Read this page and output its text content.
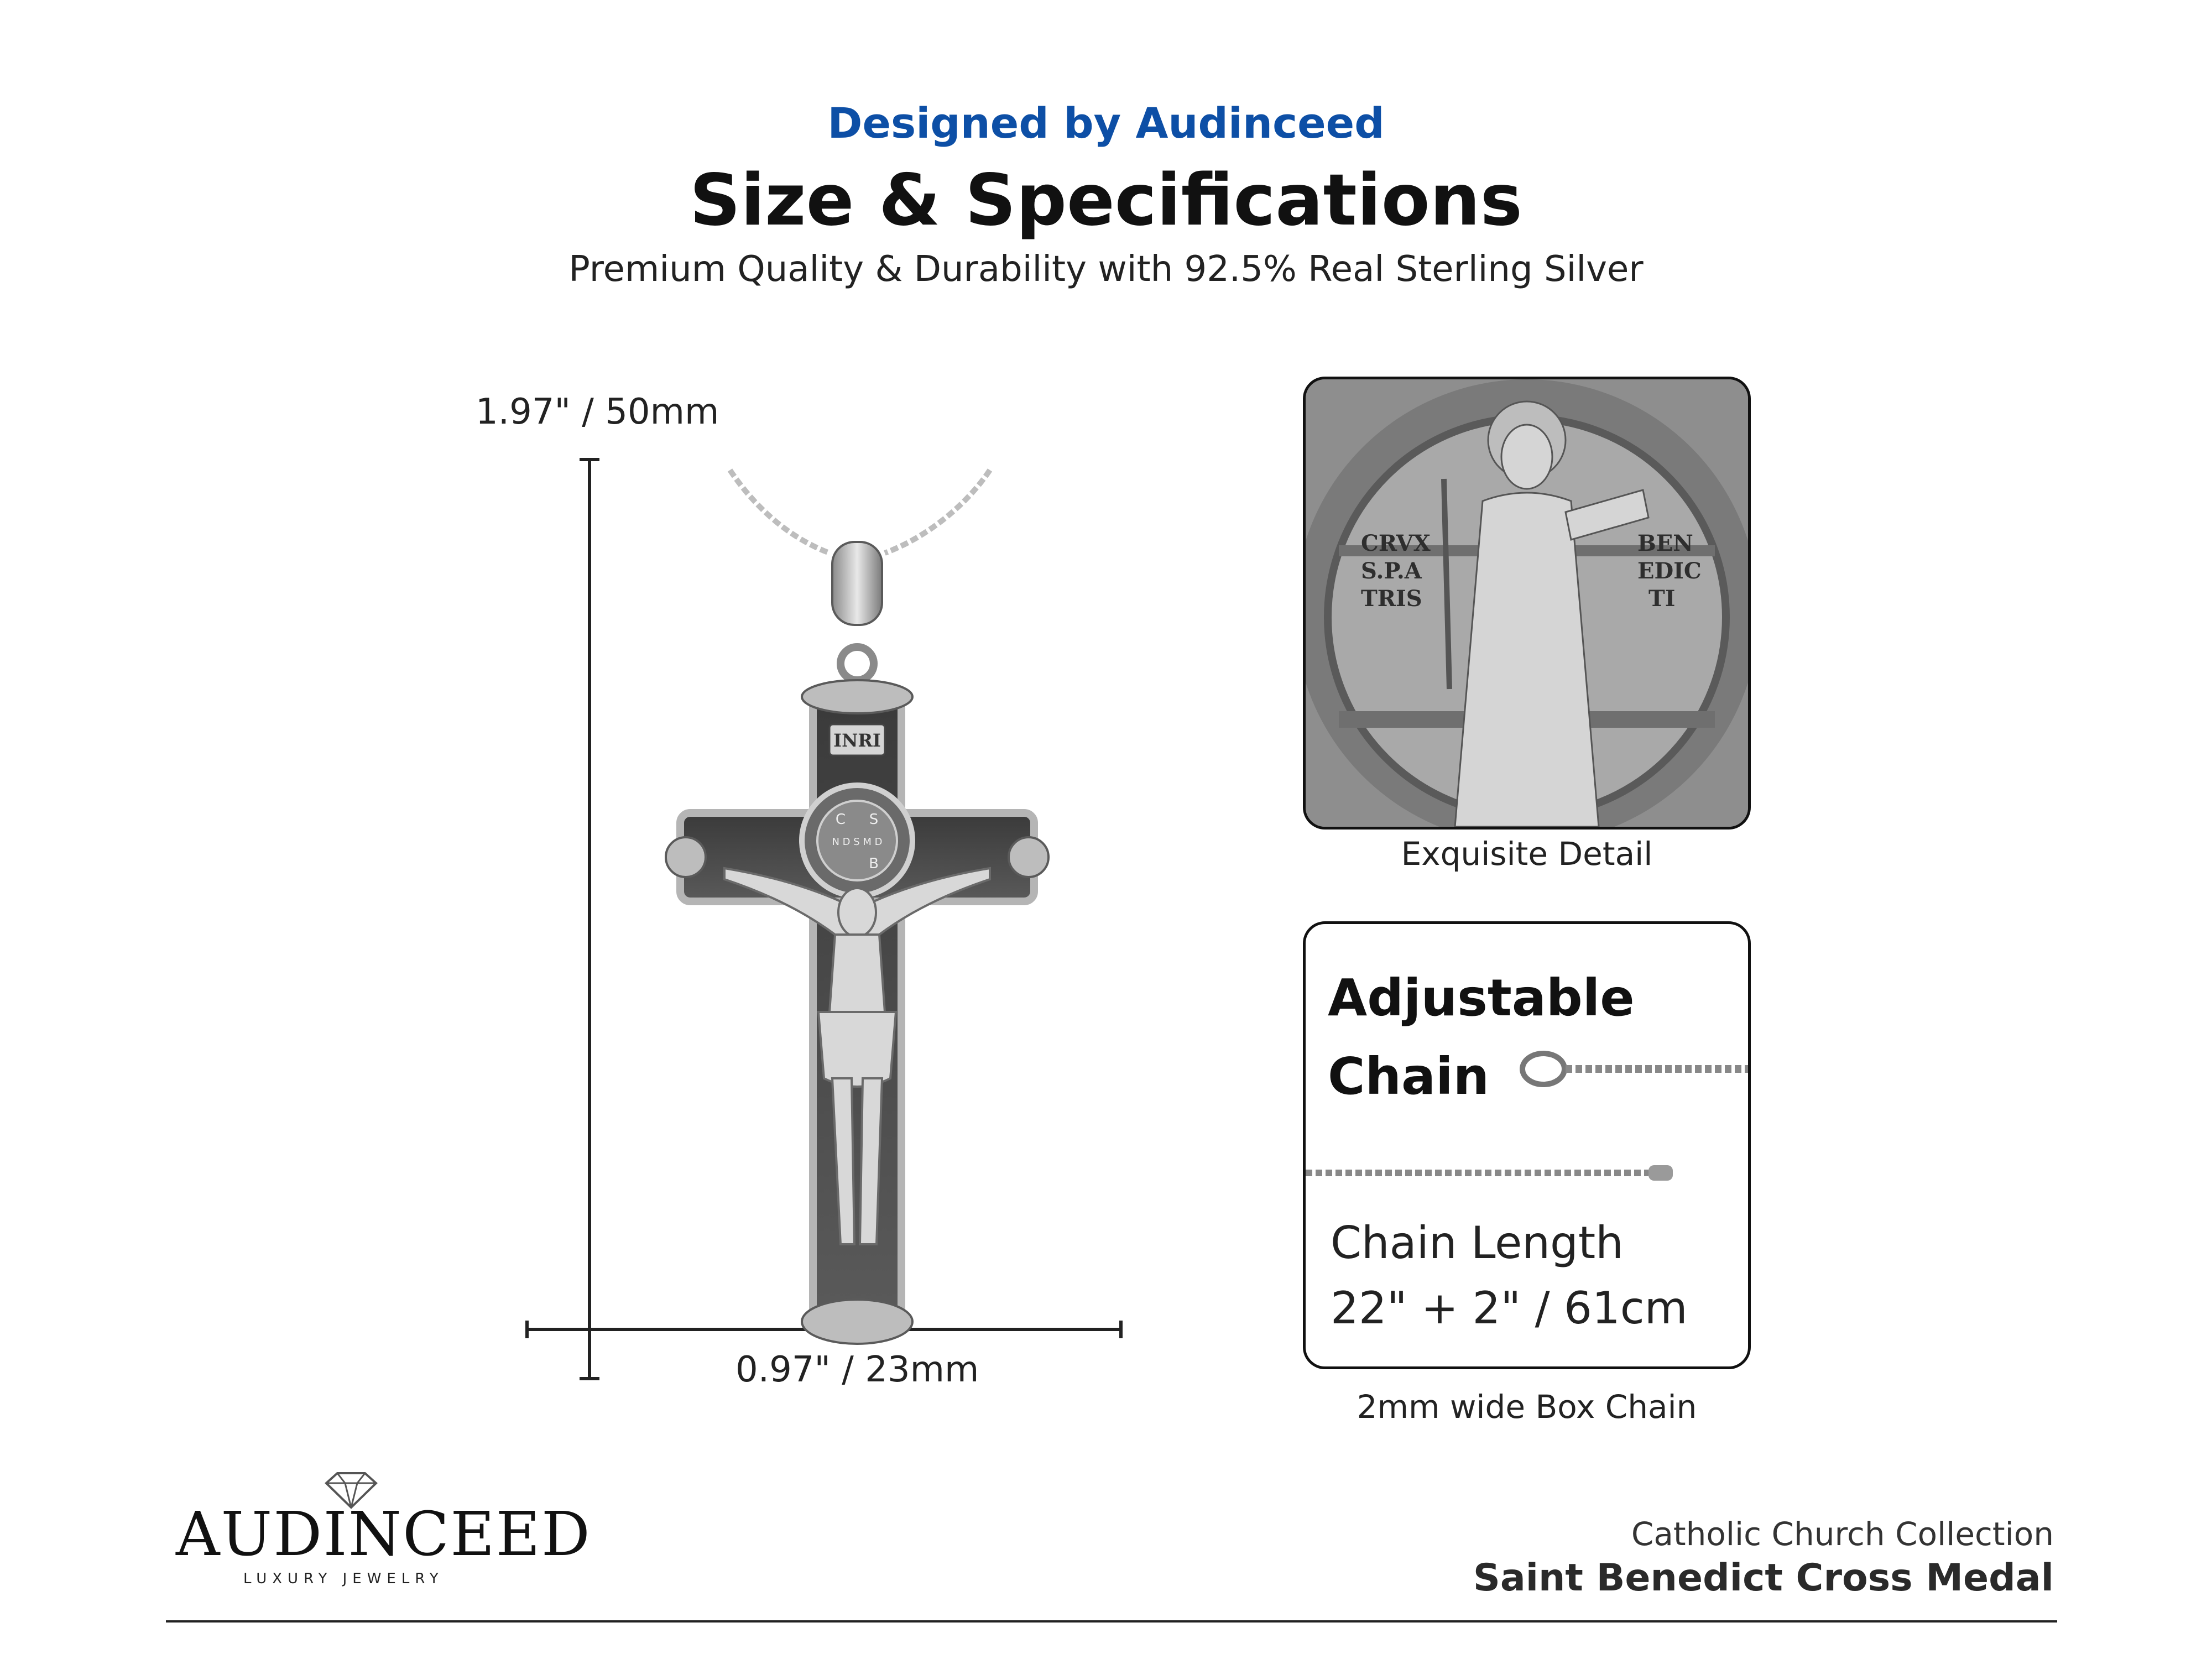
Designed by Audinceed
Size & Specifications
Premium Quality & Durability with 92.5% Real Sterling Silver
1.97" / 50mm
0.97" / 23mm
INRI
C S
N D S M D
B
CRVX
S.P.A
TRIS
BEN
EDIC
TI
Exquisite Detail
Adjustable
Chain
Chain Length
22" + 2" / 61cm
2mm wide Box Chain
AUDINCEED
LUXURY JEWELRY
Catholic Church Collection
Saint Benedict Cross Medal
